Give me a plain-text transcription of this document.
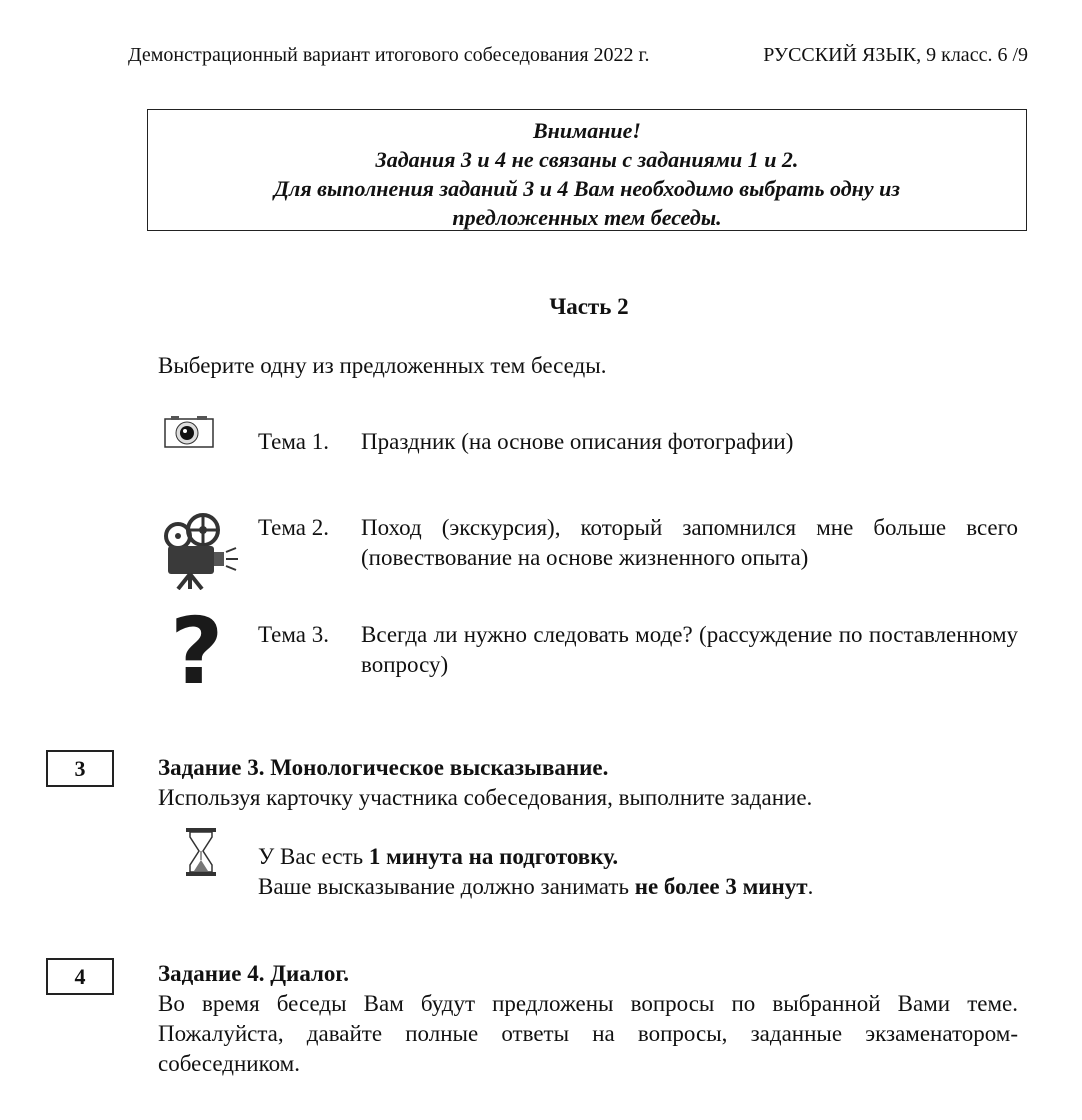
Демонстрационный вариант итогового собеседования 2022 г.	РУССКИЙ ЯЗЫК, 9 класс. 6 /9
Внимание!
Задания 3 и 4 не связаны с заданиями 1 и 2.
Для выполнения заданий 3 и 4 Вам необходимо выбрать одну из
предложенных тем беседы.
Часть 2
Выберите одну из предложенных тем беседы.
Тема 1. Праздник (на основе описания фотографии)
Тема 2. Поход (экскурсия), который запомнился мне больше всего (повествование на основе жизненного опыта)
? Тема 3. Всегда ли нужно следовать моде? (рассуждение по поставленному вопросу)
3	Задание 3. Монологическое высказывание.

Используя карточку участника собеседования, выполните задание.

У Вас есть 1 минута на подготовку.
Ваше высказывание должно занимать не более 3 минут.
4	Задание 4. Диалог.

Во время беседы Вам будут предложены вопросы по выбранной Вами теме. Пожалуйста, давайте полные ответы на вопросы, заданные экзаменатором-собеседником.
